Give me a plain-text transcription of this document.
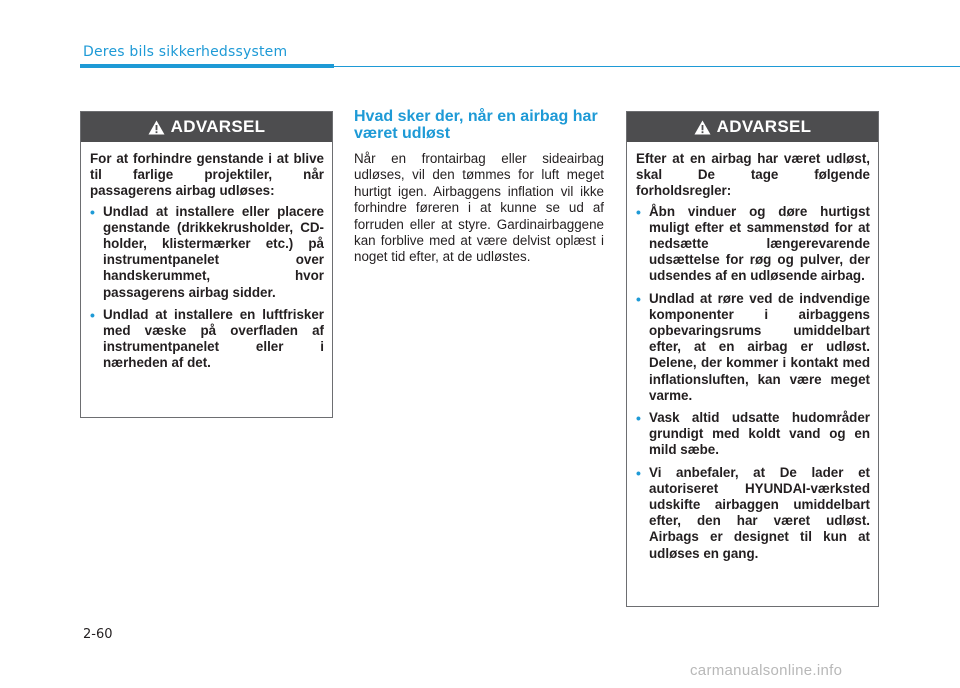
Deres bils sikkerhedssystem
ADVARSEL

For at forhindre genstande i at blive til farlige projektiler, når passagerens airbag udløses:

• Undlad at installere eller placere genstande (drikkekrusholder, CD-holder, klistermærker etc.) på instrumentpanelet over handskerummet, hvor passagerens airbag sidder.
• Undlad at installere en luftfrisker med væske på overfladen af instrumentpanelet eller i nærheden af det.
Hvad sker der, når en airbag har været udløst

Når en frontairbag eller sideairbag udløses, vil den tømmes for luft meget hurtigt igen. Airbaggens inflation vil ikke forhindre føreren i at kunne se ud af forruden eller at styre. Gardinairbaggene kan forblive med at være delvist oplæst i noget tid efter, at de udløstes.

ADVARSEL

Efter at en airbag har været udløst, skal De tage følgende forholdsregler:

• Åbn vinduer og døre hurtigst muligt efter et sammenstød for at nedsætte længerevarende udsættelse for røg og pulver, der udsendes af en udløsende airbag.
• Undlad at røre ved de indvendige komponenter i airbaggens opbevaringsrums umiddelbart efter, at en airbag er udløst. Delene, der kommer i kontakt med inflationsluften, kan være meget varme.
• Vask altid udsatte hudområder grundigt med koldt vand og en mild sæbe.
• Vi anbefaler, at De lader et autoriseret HYUNDAI-værksted udskifte airbaggen umiddelbart efter, den har været udløst. Airbags er designet til kun at udløses en gang.
2-60
carmanualsonline.info
